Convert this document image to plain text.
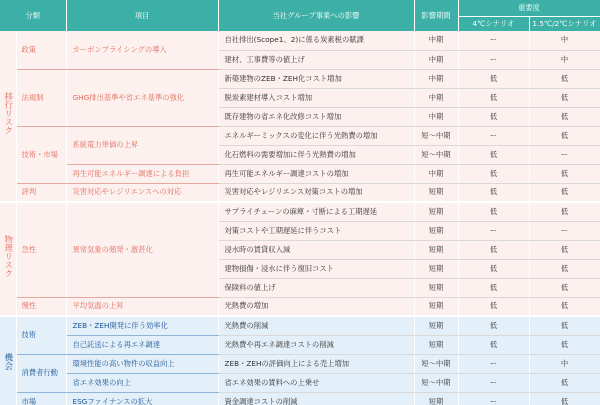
分類		項目	当社グループ事業への影響	影響期間	重要度	
					4℃シナリオ	1.5℃/2℃シナリオ
移行リスク	政策	カーボンプライシングの導入	自社排出(Scope1、2)に係る炭素税の賦課	中期	ー	中
			建材、工事費等の値上げ	中期	ー	中
	法規制	GHG排出基準や省エネ基準の強化	新築建物のZEB・ZEH化コスト増加	中期	低	低
			脱炭素建材導入コスト増加	中期	低	低
			既存建物の省エネ化改修コスト増加	中期	低	低
	技術・市場	系統電力単価の上昇	エネルギーミックスの変化に伴う光熱費の増加	短〜中期	ー	低
			化石燃料の需要増加に伴う光熱費の増加	短〜中期	低	ー
		再生可能エネルギー調達による負担	再生可能エネルギー調達コストの増加	中期	低	低
	評判	災害対応やレジリエンスへの対応	災害対応やレジリエンス対策コストの増加	短期	低	低
物理リスク	急性	異常気象の頻発・激甚化	サプライチェーンの麻痺・寸断による工期遅延	短期	低	低
			対策コストや工期遅延に伴うコスト	短期	ー	ー
			浸水時の賃貸収入減	短期	低	低
			建物損傷・浸水に伴う復旧コスト	短期	低	低
			保険料の値上げ	短期	低	低
	慢性	平均気温の上昇	光熱費の増加	短期	低	低
機会	技術	ZEB・ZEH開発に伴う効率化	光熱費の削減	短期	低	低
		自己託送による再エネ調達	光熱費や再エネ調達コストの削減	短期	低	低
	消費者行動	環境性能の高い物件の収益向上	ZEB・ZEHの評価向上による売上増加	短〜中期	ー	中
		省エネ効果の向上	省エネ効果の賃料への上乗せ	短〜中期	ー	低
	市場	ESGファイナンスの拡大	資金調達コストの削減	短期	ー	低
